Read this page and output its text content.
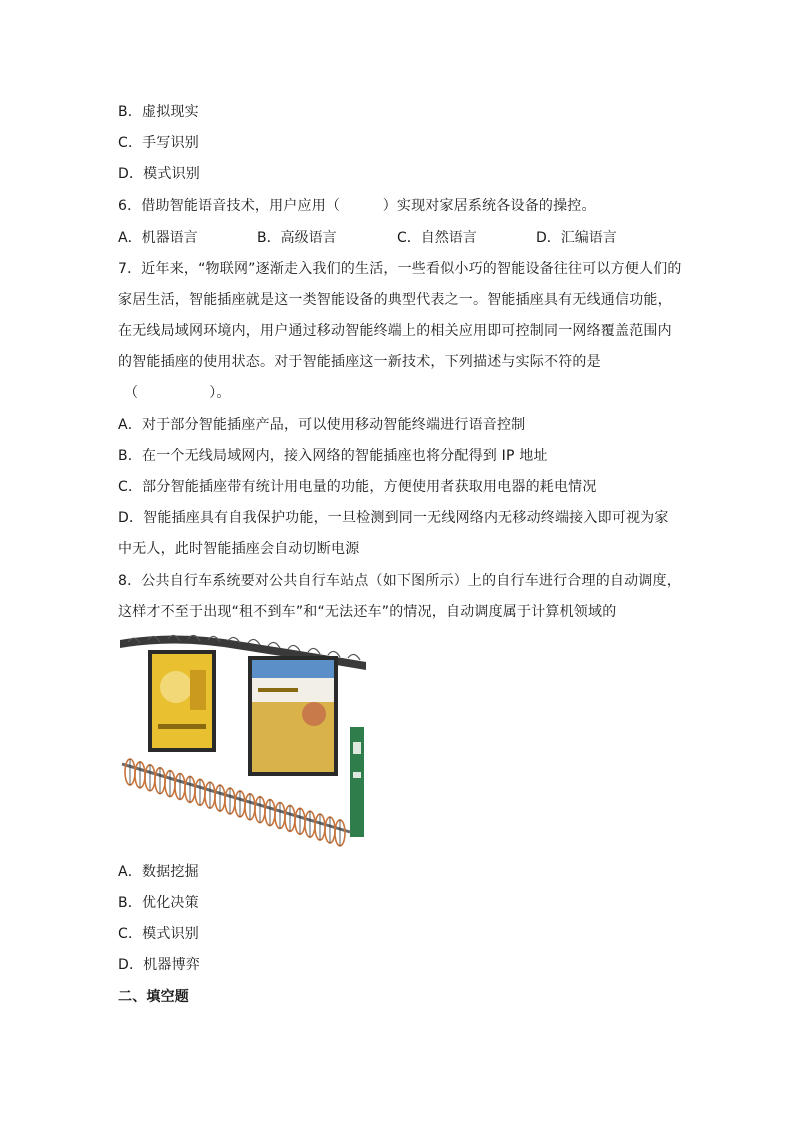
B．虚拟现实
C．手写识别
D．模式识别
6．借助智能语音技术，用户应用（　　　）实现对家居系统各设备的操控。
A．机器语言	B．高级语言	C．自然语言	D．汇编语言
7．近年来，“物联网”逐渐走入我们的生活，一些看似小巧的智能设备往往可以方便人们的
家居生活，智能插座就是这一类智能设备的典型代表之一。智能插座具有无线通信功能，
在无线局域网环境内，用户通过移动智能终端上的相关应用即可控制同一网络覆盖范围内
的智能插座的使用状态。对于智能插座这一新技术，下列描述与实际不符的是
（　　　　　）。
A．对于部分智能插座产品，可以使用移动智能终端进行语音控制
B．在一个无线局域网内，接入网络的智能插座也将分配得到 IP 地址
C．部分智能插座带有统计用电量的功能，方便使用者获取用电器的耗电情况
D．智能插座具有自我保护功能，一旦检测到同一无线网络内无移动终端接入即可视为家
中无人，此时智能插座会自动切断电源
8．公共自行车系统要对公共自行车站点（如下图所示）上的自行车进行合理的自动调度，
这样才不至于出现“租不到车”和“无法还车”的情况，自动调度属于计算机领域的
A．数据挖掘
B．优化决策
C．模式识别
D．机器博弈
二、填空题
